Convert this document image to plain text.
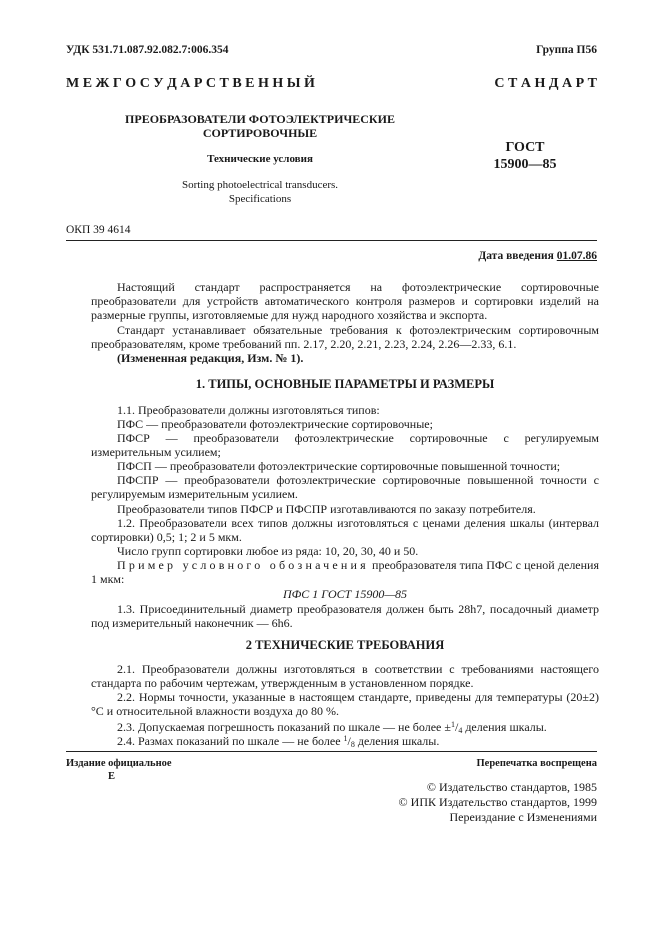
УДК 531.71.087.92.082.7:006.354	Группа П56
М Е Ж Г О С У Д А Р С Т В Е Н Н Ы Й	С Т А Н Д А Р Т
ПРЕОБРАЗОВАТЕЛИ ФОТОЭЛЕКТРИЧЕСКИЕ
СОРТИРОВОЧНЫЕ
Технические условия
Sorting photoelectrical transducers.
Specifications
ГОСТ
15900—85
ОКП 39 4614
Дата введения 01.07.86
Настоящий стандарт распространяется на фотоэлектрические сортировочные преобразователи для устройств автоматического контроля размеров и сортировки изделий на размерные группы, изготовляемые для нужд народного хозяйства и экспорта.
Стандарт устанавливает обязательные требования к фотоэлектрическим сортировочным преобразователям, кроме требований пп. 2.17, 2.20, 2.21, 2.23, 2.24, 2.26—2.33, 6.1.
(Измененная редакция, Изм. № 1).
1. ТИПЫ, ОСНОВНЫЕ ПАРАМЕТРЫ И РАЗМЕРЫ
1.1. Преобразователи должны изготовляться типов:
ПФС — преобразователи фотоэлектрические сортировочные;
ПФСР — преобразователи фотоэлектрические сортировочные с регулируемым измерительным усилием;
ПФСП — преобразователи фотоэлектрические сортировочные повышенной точности;
ПФСПР — преобразователи фотоэлектрические сортировочные повышенной точности с регулируемым измерительным усилием.
Преобразователи типов ПФСР и ПФСПР изготавливаются по заказу потребителя.
1.2. Преобразователи всех типов должны изготовляться с ценами деления шкалы (интервал сортировки) 0,5; 1; 2 и 5 мкм.
Число групп сортировки любое из ряда: 10, 20, 30, 40 и 50.
Пример условного обозначения преобразователя типа ПФС с ценой деления 1 мкм:
ПФС 1 ГОСТ 15900—85
1.3. Присоединительный диаметр преобразователя должен быть 28h7, посадочный диаметр под измерительный наконечник — 6h6.
2 ТЕХНИЧЕСКИЕ ТРЕБОВАНИЯ
2.1. Преобразователи должны изготовляться в соответствии с требованиями настоящего стандарта по рабочим чертежам, утвержденным в установленном порядке.
2.2. Нормы точности, указанные в настоящем стандарте, приведены для температуры (20±2) °С и относительной влажности воздуха до 80 %.
2.3. Допускаемая погрешность показаний по шкале — не более $\pm^1/_4$ деления шкалы.
2.4. Размах показаний по шкале — не более $^1/_8$ деления шкалы.
Издание официальное
Е
Перепечатка воспрещена
© Издательство стандартов, 1985
© ИПК Издательство стандартов, 1999
Переиздание с Изменениями
